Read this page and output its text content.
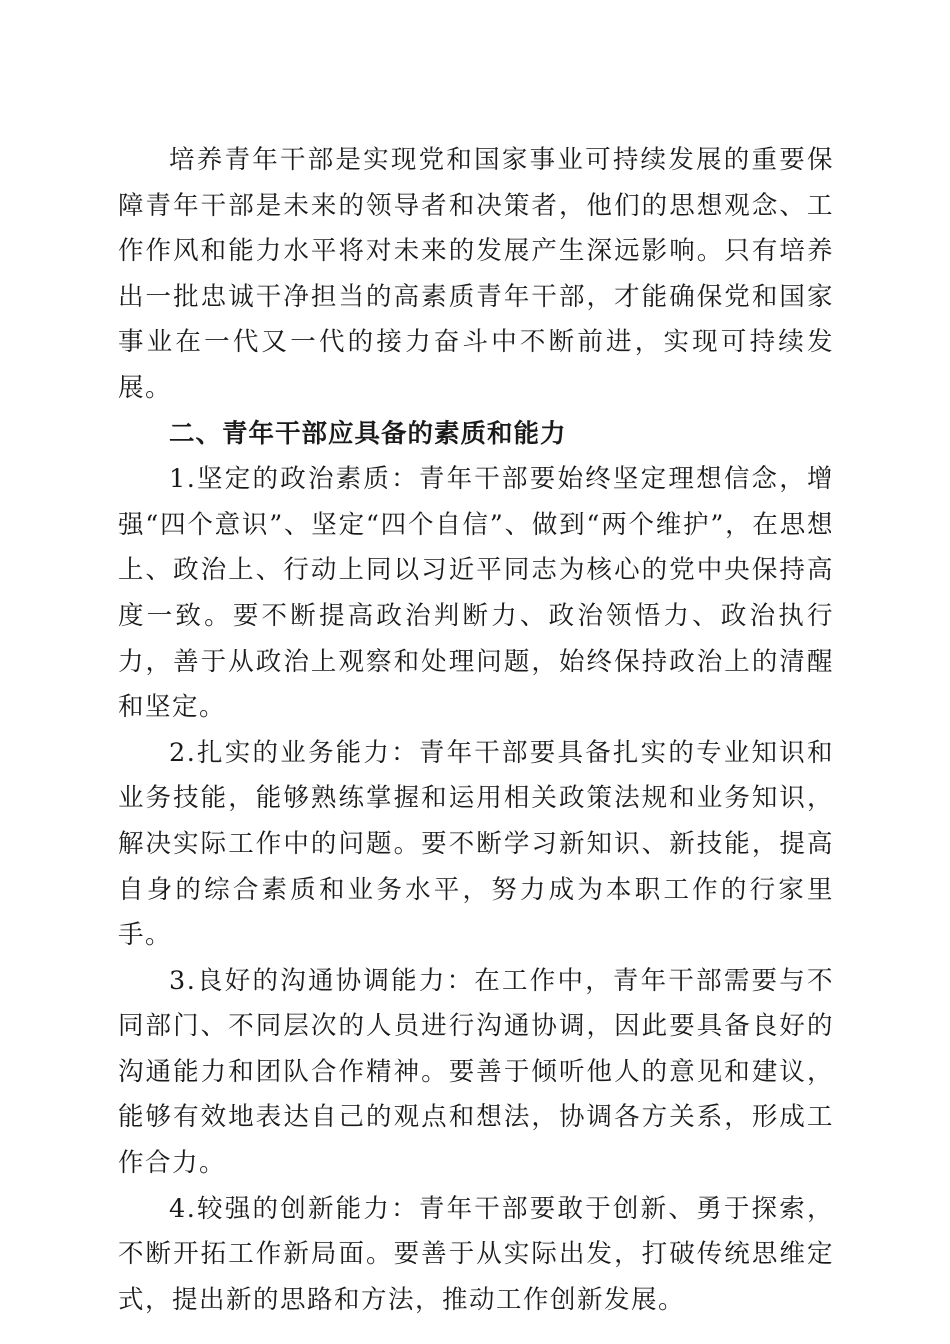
培养青年干部是实现党和国家事业可持续发展的重要保障青年干部是未来的领导者和决策者，他们的思想观念、工作作风和能力水平将对未来的发展产生深远影响。只有培养出一批忠诚干净担当的高素质青年干部，才能确保党和国家事业在一代又一代的接力奋斗中不断前进，实现可持续发展。

二、青年干部应具备的素质和能力

1.坚定的政治素质：青年干部要始终坚定理想信念，增强“四个意识”、坚定“四个自信”、做到“两个维护”，在思想上、政治上、行动上同以习近平同志为核心的党中央保持高度一致。要不断提高政治判断力、政治领悟力、政治执行力，善于从政治上观察和处理问题，始终保持政治上的清醒和坚定。

2.扎实的业务能力：青年干部要具备扎实的专业知识和业务技能，能够熟练掌握和运用相关政策法规和业务知识，解决实际工作中的问题。要不断学习新知识、新技能，提高自身的综合素质和业务水平，努力成为本职工作的行家里手。

3.良好的沟通协调能力：在工作中，青年干部需要与不同部门、不同层次的人员进行沟通协调，因此要具备良好的沟通能力和团队合作精神。要善于倾听他人的意见和建议，能够有效地表达自己的观点和想法，协调各方关系，形成工作合力。

4.较强的创新能力：青年干部要敢于创新、勇于探索，不断开拓工作新局面。要善于从实际出发，打破传统思维定式，提出新的思路和方法，推动工作创新发展。
